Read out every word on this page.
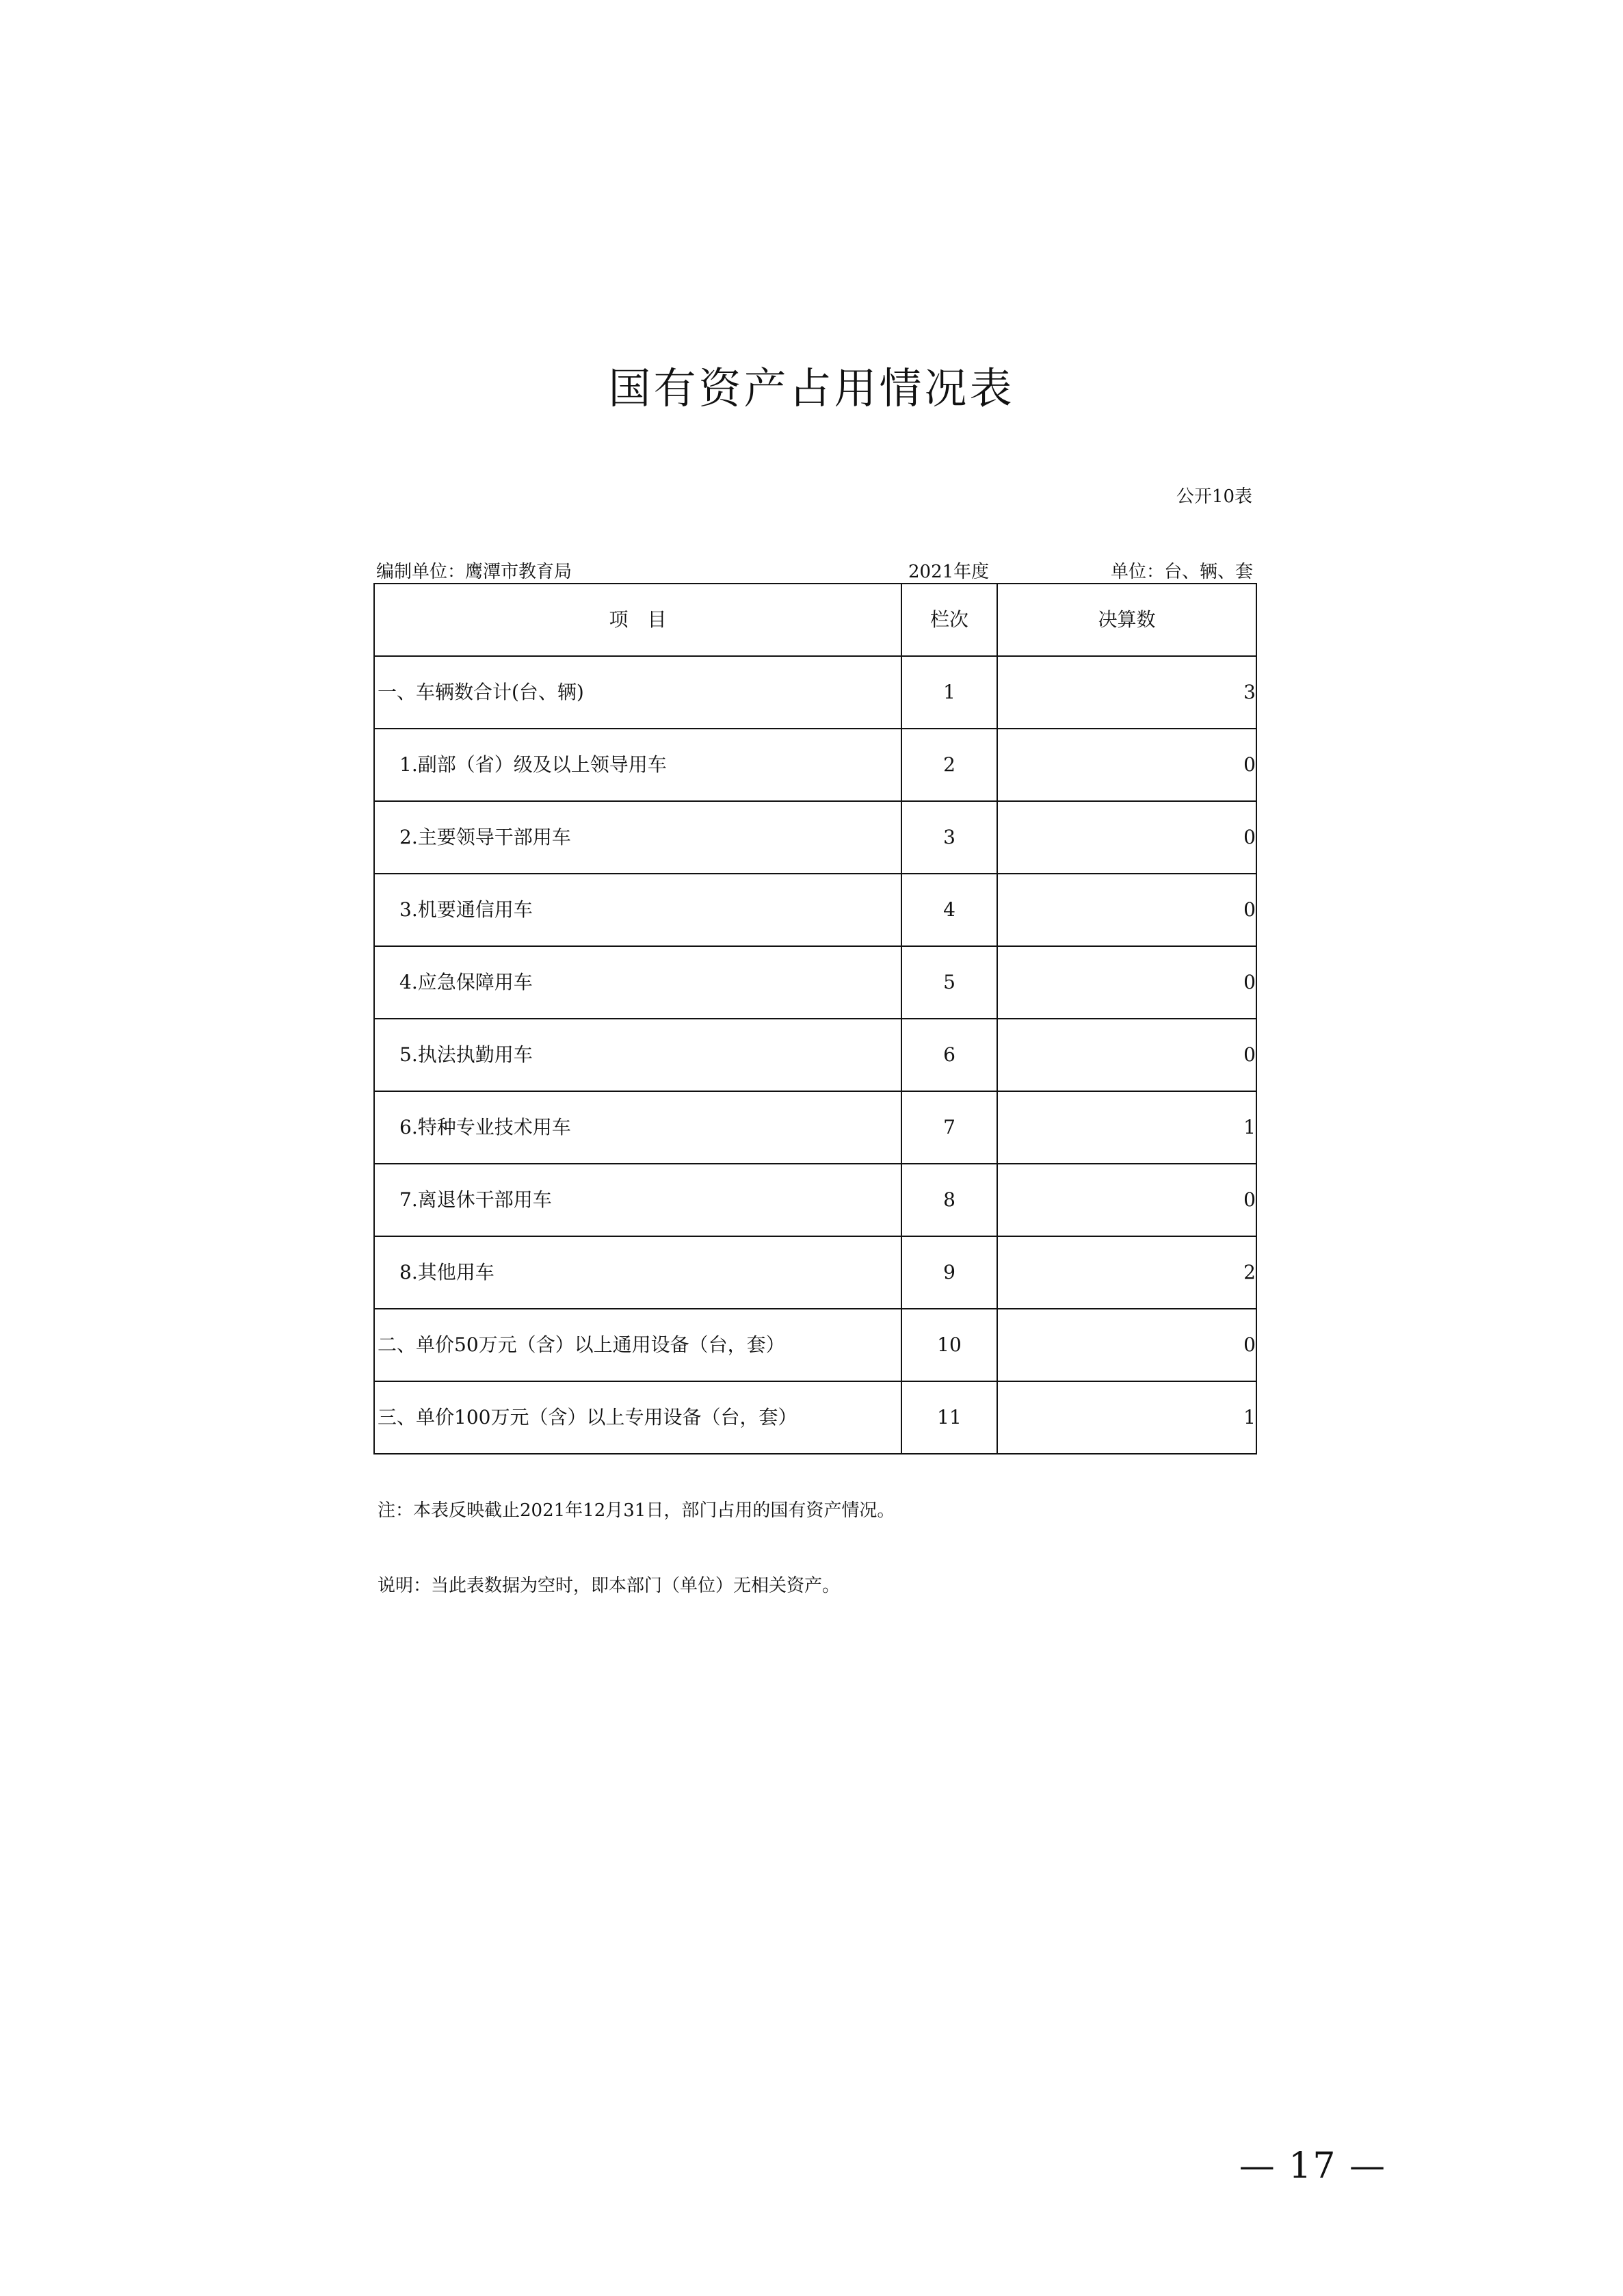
国有资产占用情况表
公开10表
编制单位：鹰潭市教育局	2021年度	单位：台、辆、套
项　目	栏次	决算数
一、车辆数合计(台、辆)	1	3
1.副部（省）级及以上领导用车	2	0
2.主要领导干部用车	3	0
3.机要通信用车	4	0
4.应急保障用车	5	0
5.执法执勤用车	6	0
6.特种专业技术用车	7	1
7.离退休干部用车	8	0
8.其他用车	9	2
二、单价50万元（含）以上通用设备（台，套）	10	0
三、单价100万元（含）以上专用设备（台，套）	11	1
注：本表反映截止2021年12月31日，部门占用的国有资产情况。
说明：当此表数据为空时，即本部门（单位）无相关资产。
— 17 —
